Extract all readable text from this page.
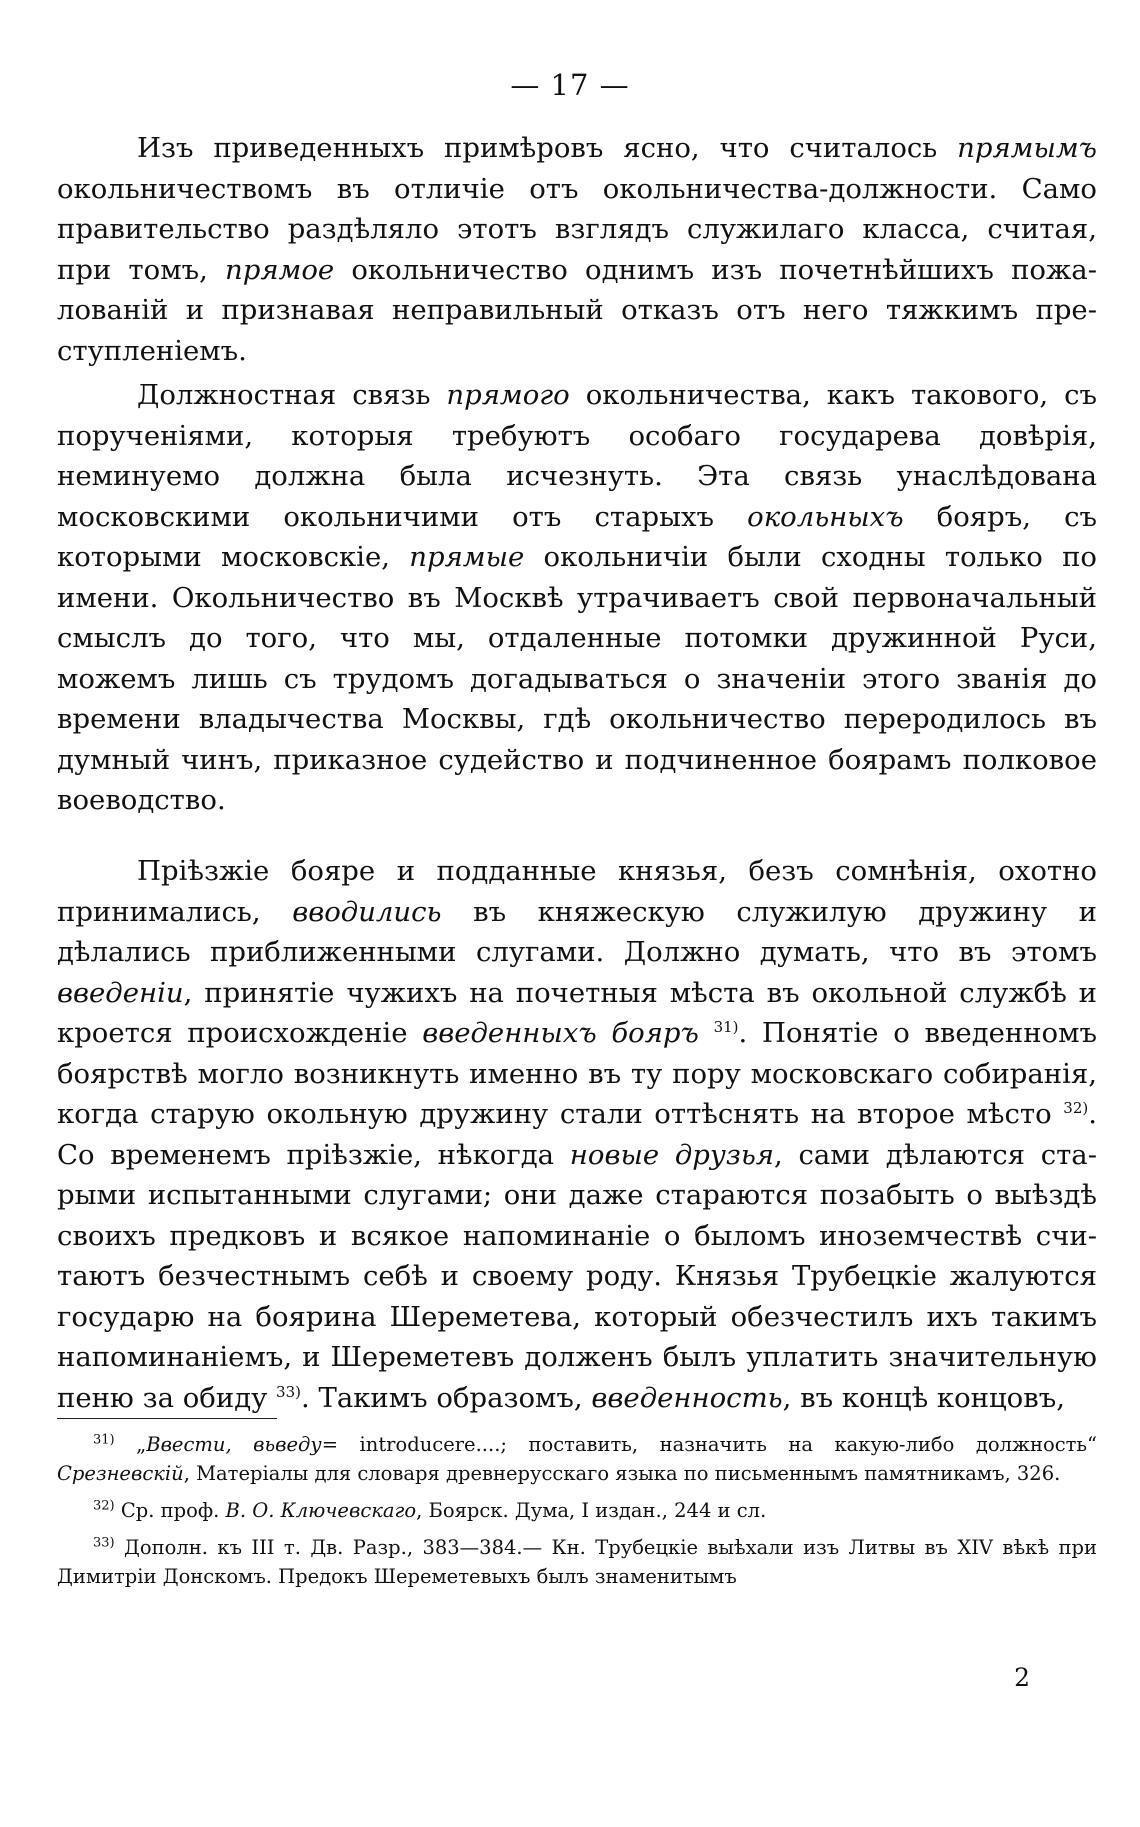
— 17 —

Изъ приведенныхъ примѣровъ ясно, что считалось прямымъ окольничествомъ въ отличіе отъ окольничества-должности. Само правительство раздѣляло этотъ взглядъ служилаго класса, считая, при томъ, прямое окольничество однимъ изъ почетнѣйшихъ пожалованій и признавая неправильный отказъ отъ него тяжкимъ преступленіемъ.

Должностная связь прямого окольничества, какъ такового, съ порученіями, которыя требуютъ особаго государева довѣрія, неминуемо должна была исчезнуть. Эта связь унаслѣдована московскими окольничими отъ старыхъ окольныхъ бояръ, съ которыми московскіе, прямые окольничіи были сходны только по имени. Окольничество въ Москвѣ утрачиваетъ свой первоначальный смыслъ до того, что мы, отдаленные потомки дружинной Руси, можемъ лишь съ трудомъ догадываться о значеніи этого званія до времени владычества Москвы, гдѣ окольничество переродилось въ думный чинъ, приказное судейство и подчиненное боярамъ полковое воеводство.

Пріѣзжіе бояре и подданные князья, безъ сомнѣнія, охотно принимались, вводились въ княжескую служилую дружину и дѣлались приближенными слугами. Должно думать, что въ этомъ введеніи, принятіе чужихъ на почетныя мѣста въ окольной службѣ и кроется происхожденіе введенныхъ бояръ $^{31)}$. Понятіе о введенномъ боярствѣ могло возникнуть именно въ ту пору московскаго собиранія, когда старую окольную дружину стали оттѣснять на второе мѣсто $^{32)}$. Со временемъ пріѣзжіе, нѣкогда новые друзья, сами дѣлаются старыми испытанными слугами; они даже стараются позабыть о выѣздѣ своихъ предковъ и всякое напоминаніе о быломъ иноземчествѣ считаютъ безчестнымъ себѣ и своему роду. Князья Трубецкіе жалуются государю на боярина Шереметева, который обезчестилъ ихъ такимъ напоминаніемъ, и Шереметевъ долженъ былъ уплатить значительную пеню за обиду $^{33)}$. Такимъ образомъ, введенность, въ концѣ концовъ,

$^{31)}$ „Ввести, вьведу= introducere....; поставить, назначить на какую-либо должность“ Срезневскій, Матеріалы для словаря древнерусскаго языка по письменнымъ памятникамъ, 326.

$^{32)}$ Ср. проф. В. О. Ключевскаго, Боярск. Дума, I издан., 244 и сл.

$^{33)}$ Дополн. къ III т. Дв. Разр., 383—384.— Кн. Трубецкіе выѣхали изъ Литвы въ XIV вѣкѣ при Димитріи Донскомъ. Предокъ Шереметевыхъ былъ знаменитымъ

2
